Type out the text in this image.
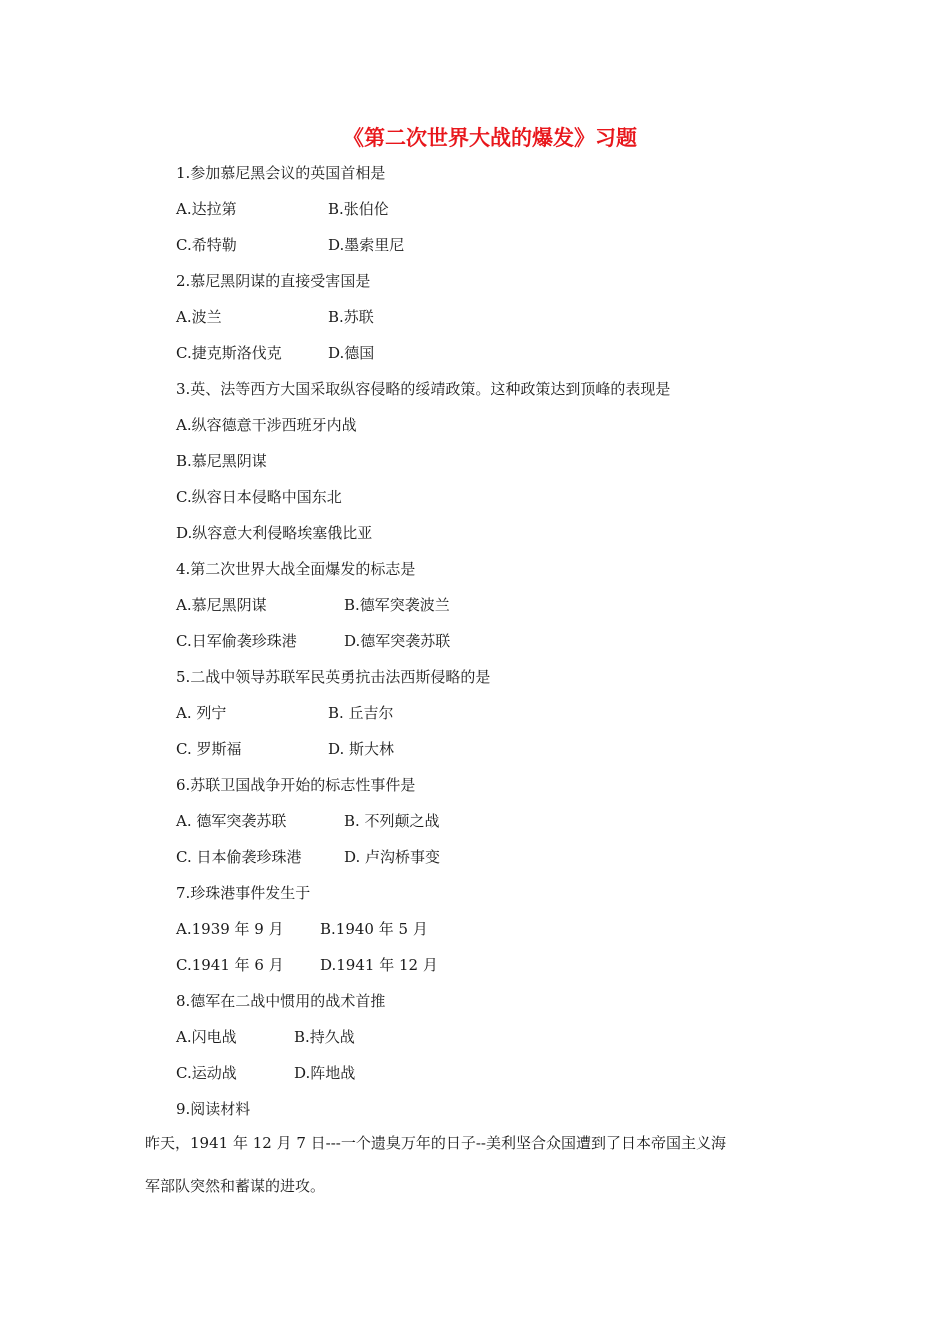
《第二次世界大战的爆发》习题
1.参加慕尼黑会议的英国首相是
A.达拉第	B.张伯伦
C.希特勒	D.墨索里尼
2.慕尼黑阴谋的直接受害国是
A.波兰	B.苏联
C.捷克斯洛伐克	D.德国
3.英、法等西方大国采取纵容侵略的绥靖政策。这种政策达到顶峰的表现是
A.纵容德意干涉西班牙内战
B.慕尼黑阴谋
C.纵容日本侵略中国东北
D.纵容意大利侵略埃塞俄比亚
4.第二次世界大战全面爆发的标志是
A.慕尼黑阴谋	B.德军突袭波兰
C.日军偷袭珍珠港	D.德军突袭苏联
5.二战中领导苏联军民英勇抗击法西斯侵略的是
A. 列宁	B. 丘吉尔
C. 罗斯福	D. 斯大林
6.苏联卫国战争开始的标志性事件是
A. 德军突袭苏联	B. 不列颠之战
C. 日本偷袭珍珠港	D. 卢沟桥事变
7.珍珠港事件发生于
A.1939 年 9 月 B.1940 年 5 月
C.1941 年 6 月 D.1941 年 12 月
8.德军在二战中惯用的战术首推
A.闪电战	B.持久战
C.运动战	D.阵地战
9.阅读材料
昨天，1941 年 12 月 7 日---一个遗臭万年的日子--美利坚合众国遭到了日本帝国主义海
军部队突然和蓄谋的进攻。
